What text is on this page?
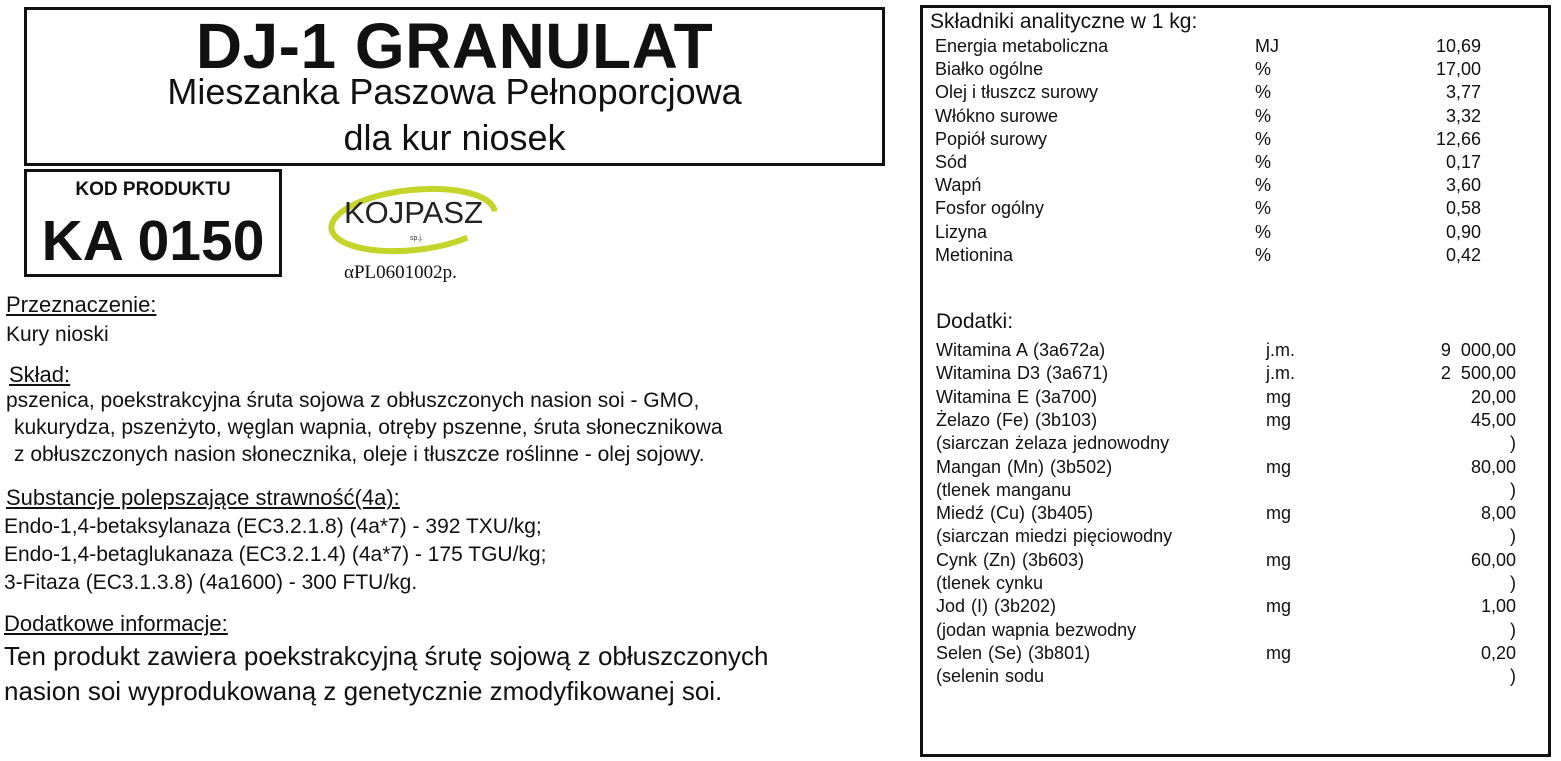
DJ-1 GRANULAT
Mieszanka Paszowa Pełnoporcjowa
dla kur niosek
KOD PRODUKTU
KA 0150	KOJPASZ
sp.j.
αPL0601002p.
Przeznaczenie:
Kury nioski
Skład:
pszenica, poekstrakcyjna śruta sojowa z obłuszczonych nasion soi - GMO,
kukurydza, pszenżyto, węglan wapnia, otręby pszenne, śruta słonecznikowa
z obłuszczonych nasion słonecznika, oleje i tłuszcze roślinne - olej sojowy.
Substancje polepszające strawność(4a):
Endo-1,4-betaksylanaza (EC3.2.1.8) (4a*7) - 392 TXU/kg;
Endo-1,4-betaglukanaza (EC3.2.1.4) (4a*7) - 175 TGU/kg;
3-Fitaza (EC3.1.3.8) (4a1600) - 300 FTU/kg.
Dodatkowe informacje:
Ten produkt zawiera poekstrakcyjną śrutę sojową z obłuszczonych
nasion soi wyprodukowaną z genetycznie zmodyfikowanej soi.
Składniki analityczne w 1 kg:
Energia metaboliczna	MJ	10,69
Białko ogólne	%	17,00
Olej i tłuszcz surowy	%	3,77
Włókno surowe	%	3,32
Popiół surowy	%	12,66
Sód	%	0,17
Wapń	%	3,60
Fosfor ogólny	%	0,58
Lizyna	%	0,90
Metionina	%	0,42
Dodatki:
Witamina A (3a672a)	j.m.	9  000,00
Witamina D3 (3a671)	j.m.	2  500,00
Witamina E (3a700)	mg	20,00
Żelazo (Fe) (3b103)	mg	45,00
(siarczan żelaza jednowodny	)
Mangan (Mn) (3b502)	mg	80,00
(tlenek manganu	)
Miedź (Cu) (3b405)	mg	8,00
(siarczan miedzi pięciowodny	)
Cynk (Zn) (3b603)	mg	60,00
(tlenek cynku	)
Jod (I) (3b202)	mg	1,00
(jodan wapnia bezwodny	)
Selen (Se) (3b801)	mg	0,20
(selenin sodu	)
